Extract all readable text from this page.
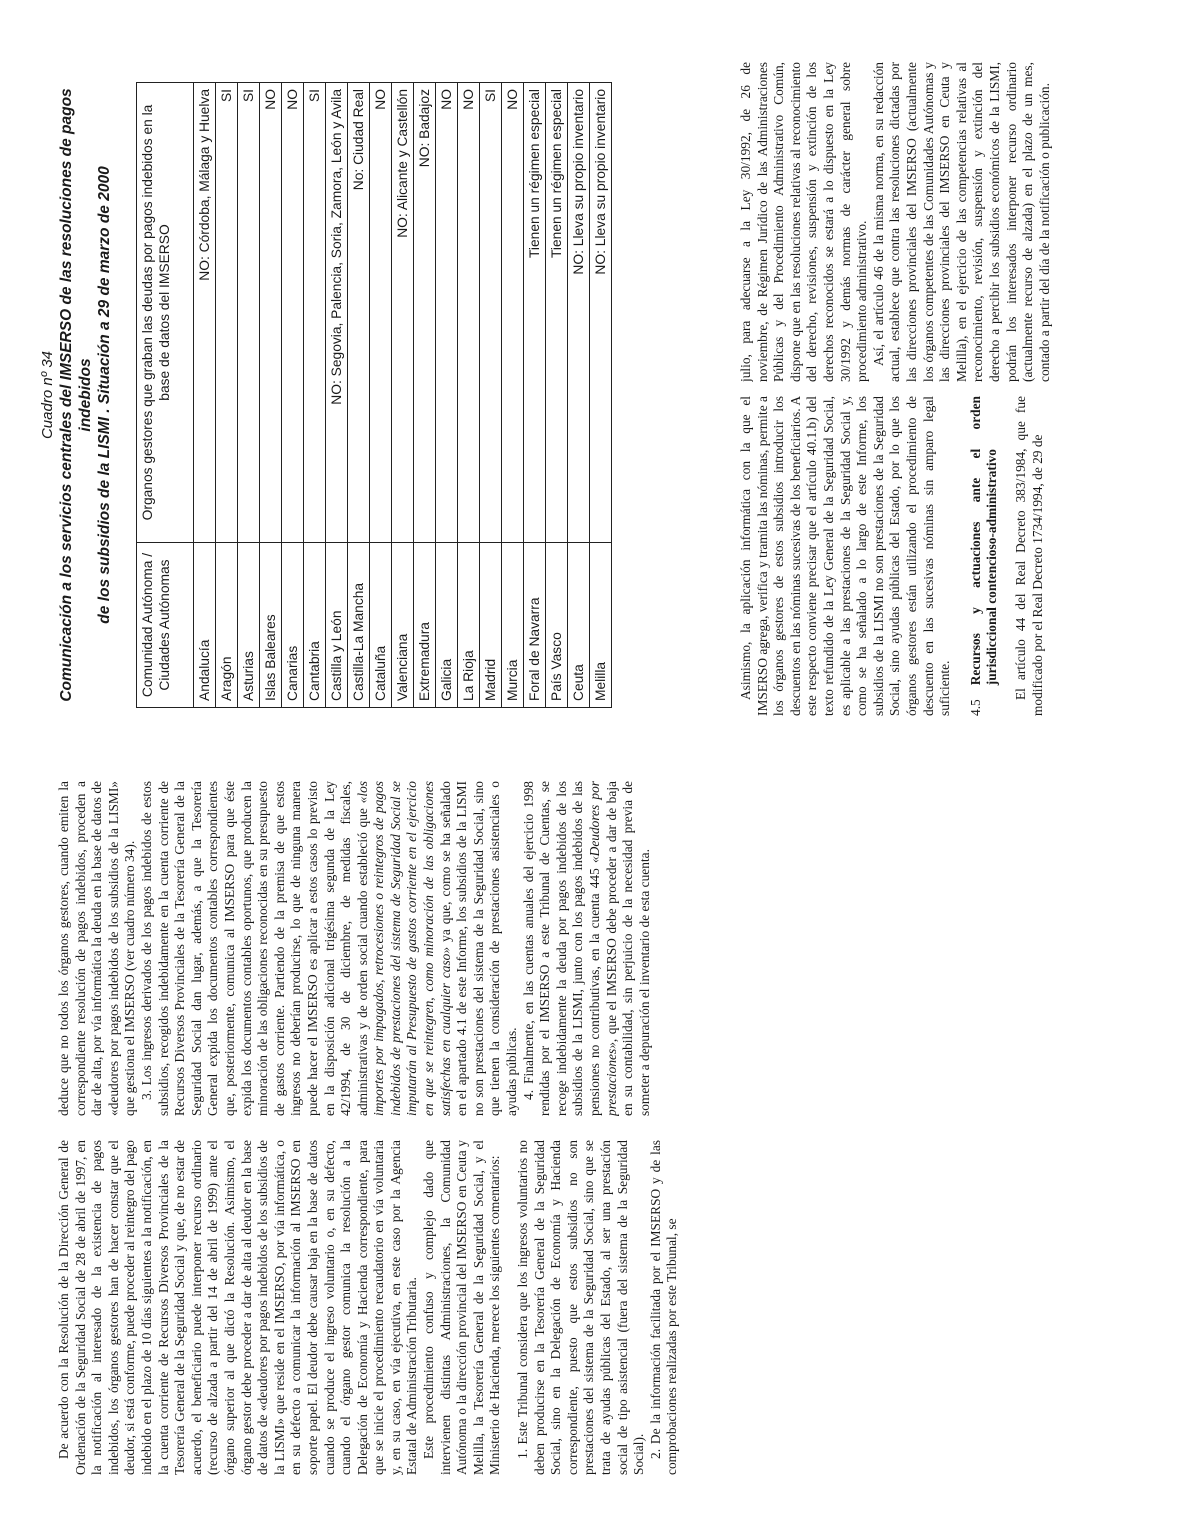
De acuerdo con la Resolución de la Dirección General de Ordenación de la Seguridad Social de 28 de abril de 1997, en la notificación al interesado de la existencia de pagos indebidos, los órganos gestores han de hacer constar que el deudor, si está conforme, puede proceder al reintegro del pago indebido en el plazo de 10 días siguientes a la notificación, en la cuenta corriente de Recursos Diversos Provinciales de la Tesorería General de la Seguridad Social y que, de no estar de acuerdo, el beneficiario puede interponer recurso ordinario (recurso de alzada a partir del 14 de abril de 1999) ante el órgano superior al que dictó la Resolución. Asimismo, el órgano gestor debe proceder a dar de alta al deudor en la base de datos de «deudores por pagos indebidos de los subsidios de la LISMI» que reside en el IMSERSO, por vía informática, o en su defecto a comunicar la información al IMSERSO en soporte papel. El deudor debe causar baja en la base de datos cuando se produce el ingreso voluntario o, en su defecto, cuando el órgano gestor comunica la resolución a la Delegación de Economía y Hacienda correspondiente, para que se inicie el procedimiento recaudatorio en vía voluntaria y, en su caso, en vía ejecutiva, en este caso por la Agencia Estatal de Administración Tributaria. Este procedimiento confuso y complejo dado que intervienen distintas Administraciones, la Comunidad Autónoma o la dirección provincial del IMSERSO en Ceuta y Melilla, la Tesorería General de la Seguridad Social, y el Ministerio de Hacienda, merece los siguientes comentarios: 1. Este Tribunal considera que los ingresos voluntarios no deben producirse en la Tesorería General de la Seguridad Social, sino en la Delegación de Economía y Hacienda correspondiente, puesto que estos subsidios no son prestaciones del sistema de la Seguridad Social, sino que se trata de ayudas públicas del Estado, al ser una prestación social de tipo asistencial (fuera del sistema de la Seguridad Social). 2. De la información facilitada por el IMSERSO y de las comprobaciones realizadas por este Tribunal, se

deduce que no todos los órganos gestores, cuando emiten la correspondiente resolución de pagos indebidos, proceden a dar de alta, por vía informática la deuda en la base de datos de «deudores por pagos indebidos de los subsidios de la LISMI» que gestiona el IMSERSO (ver cuadro número 34). 3. Los ingresos derivados de los pagos indebidos de estos subsidios, recogidos indebidamente en la cuenta corriente de Recursos Diversos Provinciales de la Tesorería General de la Seguridad Social dan lugar, además, a que la Tesorería General expida los documentos contables correspondientes que, posteriormente, comunica al IMSERSO para que éste expida los documentos contables oportunos, que producen la minoración de las obligaciones reconocidas en su presupuesto de gastos corriente. Partiendo de la premisa de que estos ingresos no deberían producirse, lo que de ninguna manera puede hacer el IMSERSO es aplicar a estos casos lo previsto en la disposición adicional trigésima segunda de la Ley 42/1994, de 30 de diciembre, de medidas fiscales, administrativas y de orden social cuando estableció que «los importes por impagados, retrocesiones o reintegros de pagos indebidos de prestaciones del sistema de Seguridad Social se imputarán al Presupuesto de gastos corriente en el ejercicio en que se reintegren, como minoración de las obligaciones satisfechas en cualquier caso» ya que, como se ha señalado en el apartado 4.1 de este Informe, los subsidios de la LISMI no son prestaciones del sistema de la Seguridad Social, sino que tienen la consideración de prestaciones asistenciales o ayudas públicas. 4. Finalmente, en las cuentas anuales del ejercicio 1998 rendidas por el IMSERSO a este Tribunal de Cuentas, se recoge indebidamente la deuda por pagos indebidos de los subsidios de la LISMI, junto con los pagos indebidos de las pensiones no contributivas, en la cuenta 445 «Deudores por prestaciones», que el IMSERSO debe proceder a dar de baja en su contabilidad, sin perjuicio de la necesidad previa de someter a depuración el inventario de esta cuenta.

Cuadro nº 34 Comunicación a los servicios centrales del IMSERSO de las resoluciones de pagos indebidos de los subsidios de la LISMI . Situación a 29 de marzo de 2000
Comunidad Autónoma / Ciudades Autónomas	Organos gestores que graban las deudas por pagos indebidos en la base de datos del IMSERSO
Andalucía	NO: Córdoba, Málaga y Huelva
Aragón	SI
Asturias	SI
Islas Baleares	NO
Canarias	NO
Cantabria	SI
Castilla y León	NO: Segovia, Palencia, Soria, Zamora, León y Avila
Castilla-La Mancha	No: Ciudad Real
Cataluña	NO
Valenciana	NO: Alicante y Castellón
Extremadura	NO: Badajoz
Galicia	NO
La Rioja	NO
Madrid	SI
Murcia	NO
Foral de Navarra	Tienen un régimen especial
País Vasco	Tienen un régimen especial
Ceuta	NO: Lleva su propio inventario
Melilla	NO: Lleva su propio inventario

Asimismo, la aplicación informática con la que el IMSERSO agrega, verifica y tramita las nóminas, permite a los órganos gestores de estos subsidios introducir los descuentos en las nóminas sucesivas de los beneficiarios. A este respecto conviene precisar que el artículo 40.1.b) del texto refundido de la Ley General de la Seguridad Social, es aplicable a las prestaciones de la Seguridad Social y, como se ha señalado a lo largo de este Informe, los subsidios de la LISMI no son prestaciones de la Seguridad Social, sino ayudas públicas del Estado, por lo que los órganos gestores están utilizando el procedimiento de descuento en las sucesivas nóminas sin amparo legal suficiente. 4.5
Recursos y actuaciones ante el orden jurisdiccional contencioso-administrativo El artículo 44 del Real Decreto 383/1984, que fue modificado por el Real Decreto 1734/1994, de 29 de

julio, para adecuarse a la Ley 30/1992, de 26 de noviembre, de Régimen Jurídico de las Administraciones Públicas y del Procedimiento Administrativo Común, dispone que en las resoluciones relativas al reconocimiento del derecho, revisiones, suspensión y extinción de los derechos reconocidos se estará a lo dispuesto en la Ley 30/1992 y demás normas de carácter general sobre procedimiento administrativo. Así, el artículo 46 de la misma norma, en su redacción actual, establece que contra las resoluciones dictadas por las direcciones provinciales del IMSERSO (actualmente los órganos competentes de las Comunidades Autónomas y las direcciones provinciales del IMSERSO en Ceuta y Melilla), en el ejercicio de las competencias relativas al reconocimiento, revisión, suspensión y extinción del derecho a percibir los subsidios económicos de la LISMI, podrán los interesados interponer recurso ordinario (actualmente recurso de alzada) en el plazo de un mes, contado a partir del día de la notificación o publicación.
